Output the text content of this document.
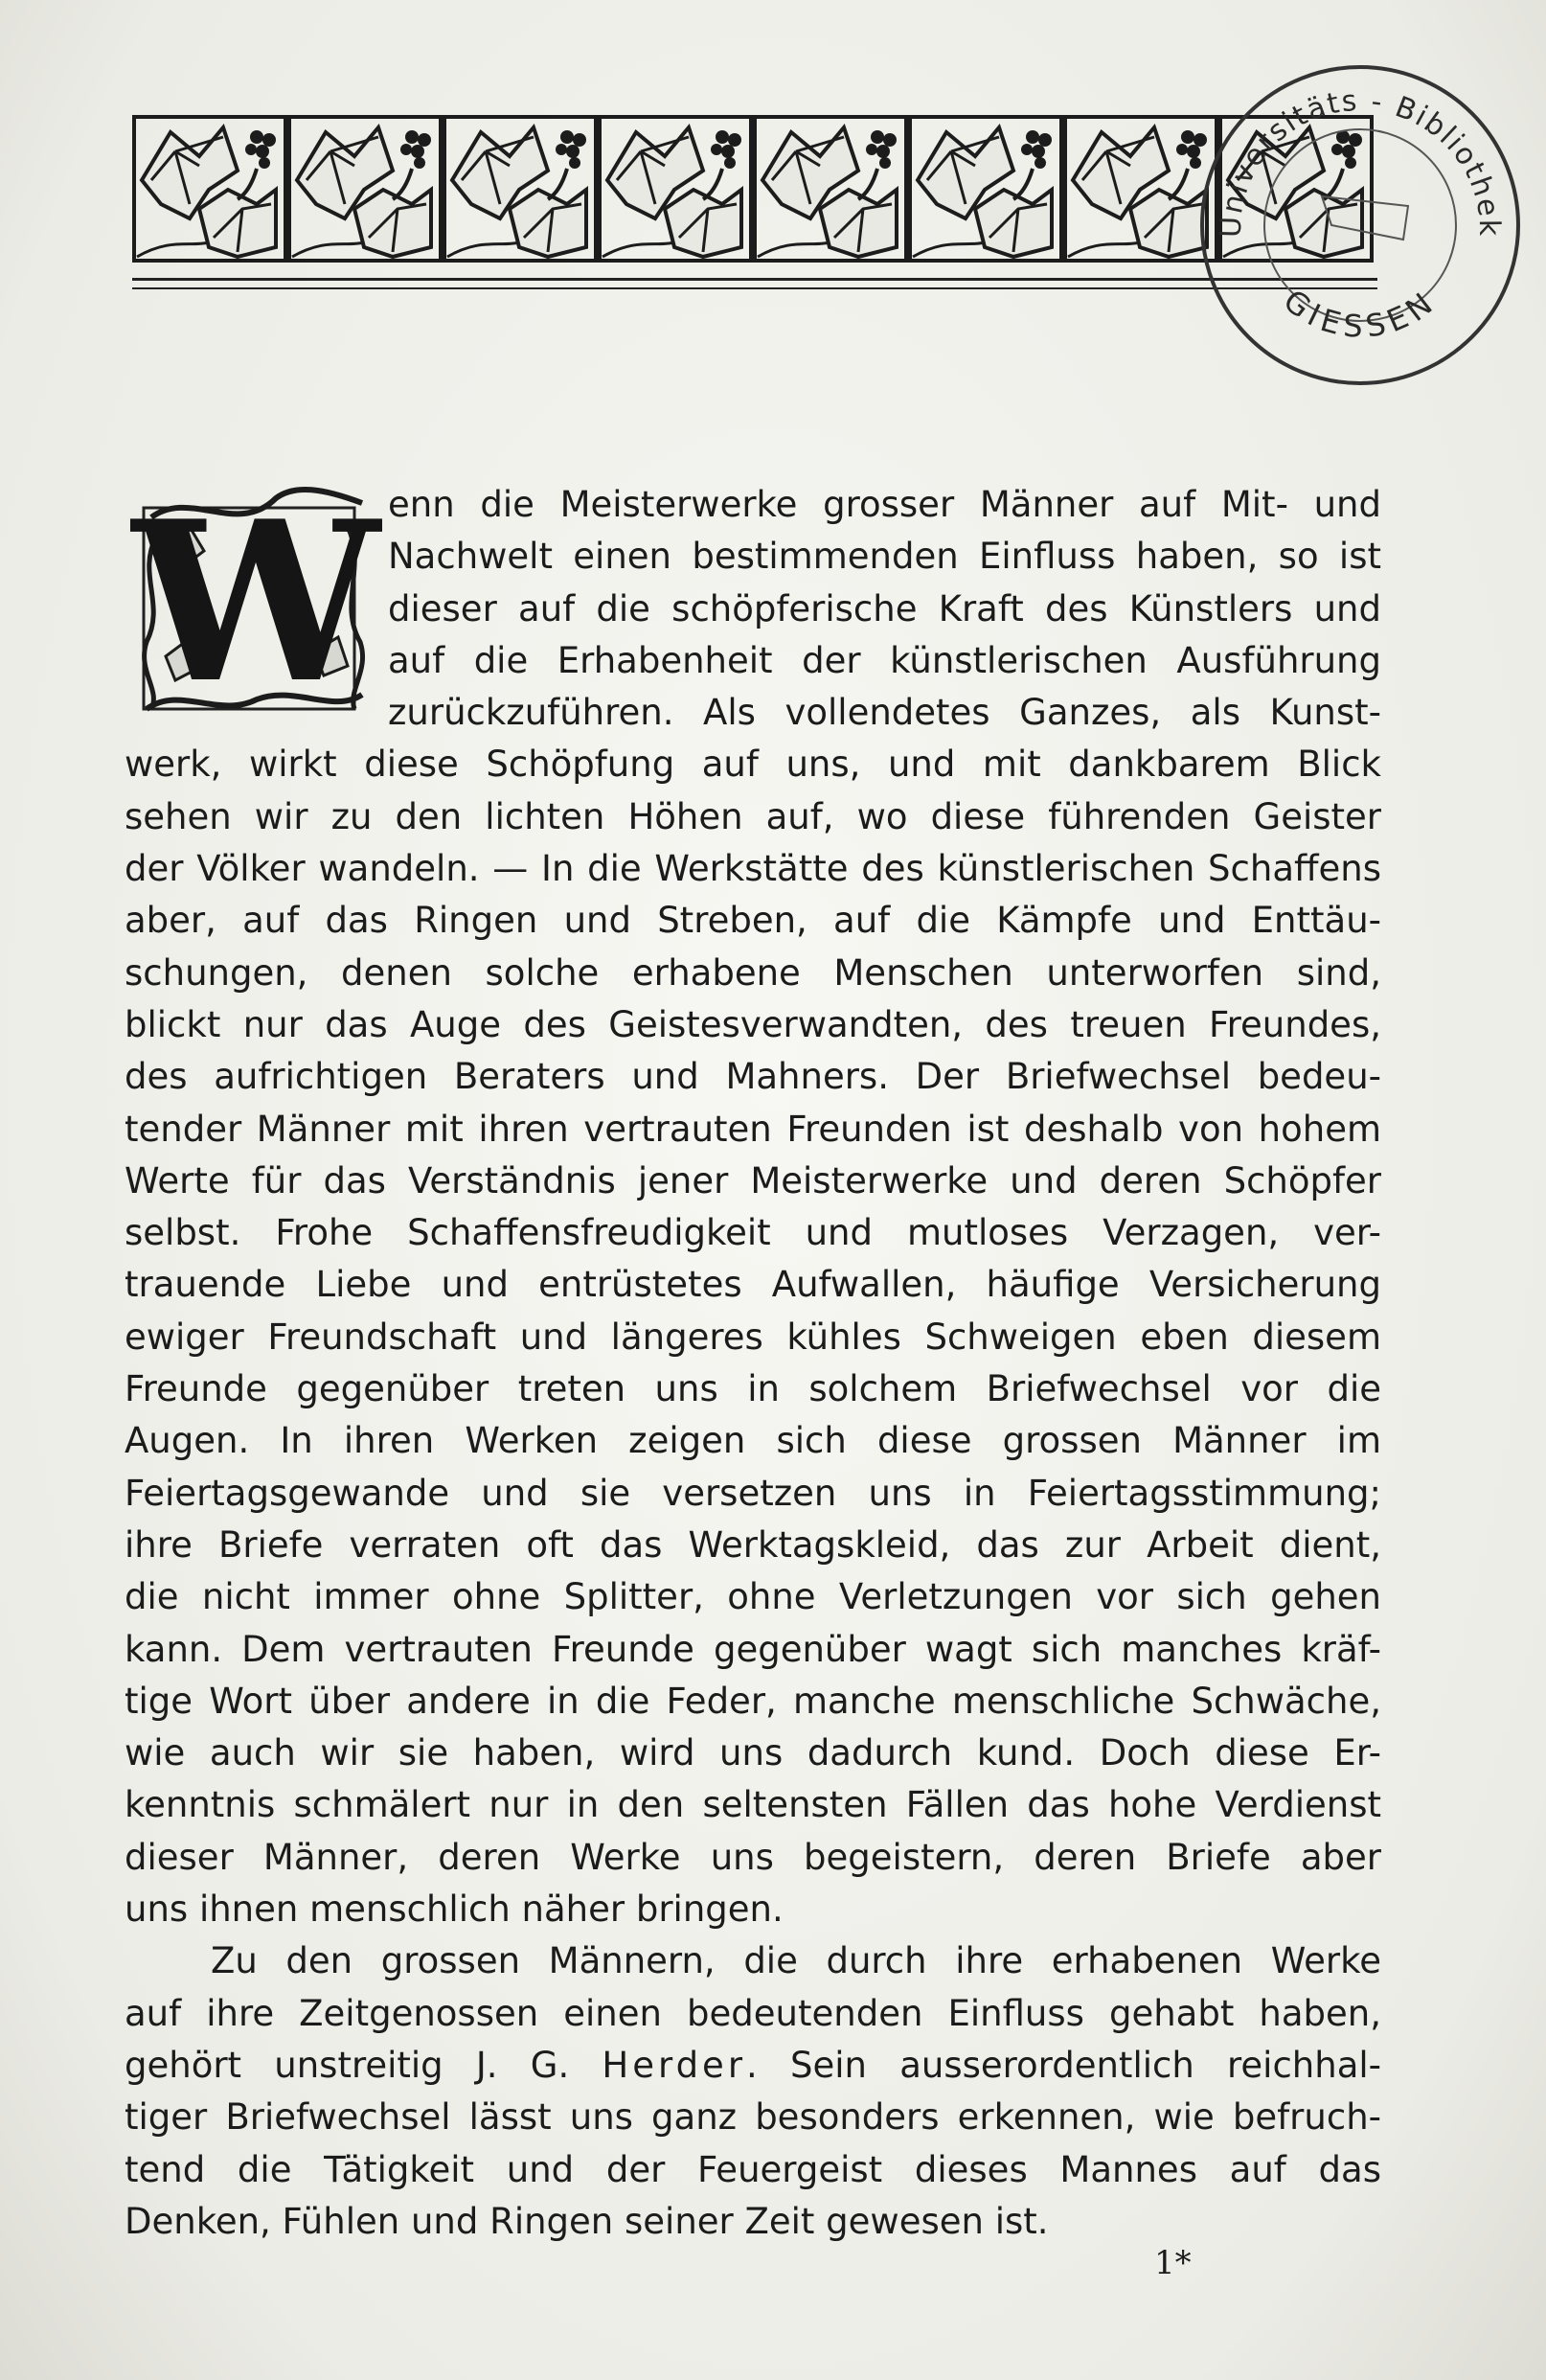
Universitäts - Bibliothek
GIESSEN
W enn die Meisterwerke grosser Männer auf Mit- und
Nachwelt einen bestimmenden Einfluss haben, so ist
dieser auf die schöpferische Kraft des Künstlers und
auf die Erhabenheit der künstlerischen Ausführung
zurückzuführen. Als vollendetes Ganzes, als Kunst-
werk, wirkt diese Schöpfung auf uns, und mit dankbarem Blick
sehen wir zu den lichten Höhen auf, wo diese führenden Geister
der Völker wandeln. — In die Werkstätte des künstlerischen Schaffens
aber, auf das Ringen und Streben, auf die Kämpfe und Enttäu-
schungen, denen solche erhabene Menschen unterworfen sind,
blickt nur das Auge des Geistesverwandten, des treuen Freundes,
des aufrichtigen Beraters und Mahners. Der Briefwechsel bedeu-
tender Männer mit ihren vertrauten Freunden ist deshalb von hohem
Werte für das Verständnis jener Meisterwerke und deren Schöpfer
selbst. Frohe Schaffensfreudigkeit und mutloses Verzagen, ver-
trauende Liebe und entrüstetes Aufwallen, häufige Versicherung
ewiger Freundschaft und längeres kühles Schweigen eben diesem
Freunde gegenüber treten uns in solchem Briefwechsel vor die
Augen. In ihren Werken zeigen sich diese grossen Männer im
Feiertagsgewande und sie versetzen uns in Feiertagsstimmung;
ihre Briefe verraten oft das Werktagskleid, das zur Arbeit dient,
die nicht immer ohne Splitter, ohne Verletzungen vor sich gehen
kann. Dem vertrauten Freunde gegenüber wagt sich manches kräf-
tige Wort über andere in die Feder, manche menschliche Schwäche,
wie auch wir sie haben, wird uns dadurch kund. Doch diese Er-
kenntnis schmälert nur in den seltensten Fällen das hohe Verdienst
dieser Männer, deren Werke uns begeistern, deren Briefe aber
uns ihnen menschlich näher bringen.

Zu den grossen Männern, die durch ihre erhabenen Werke
auf ihre Zeitgenossen einen bedeutenden Einfluss gehabt haben,
gehört unstreitig J. G. Herder. Sein ausserordentlich reichhal-
tiger Briefwechsel lässt uns ganz besonders erkennen, wie befruch-
tend die Tätigkeit und der Feuergeist dieses Mannes auf das
Denken, Fühlen und Ringen seiner Zeit gewesen ist.

1*
